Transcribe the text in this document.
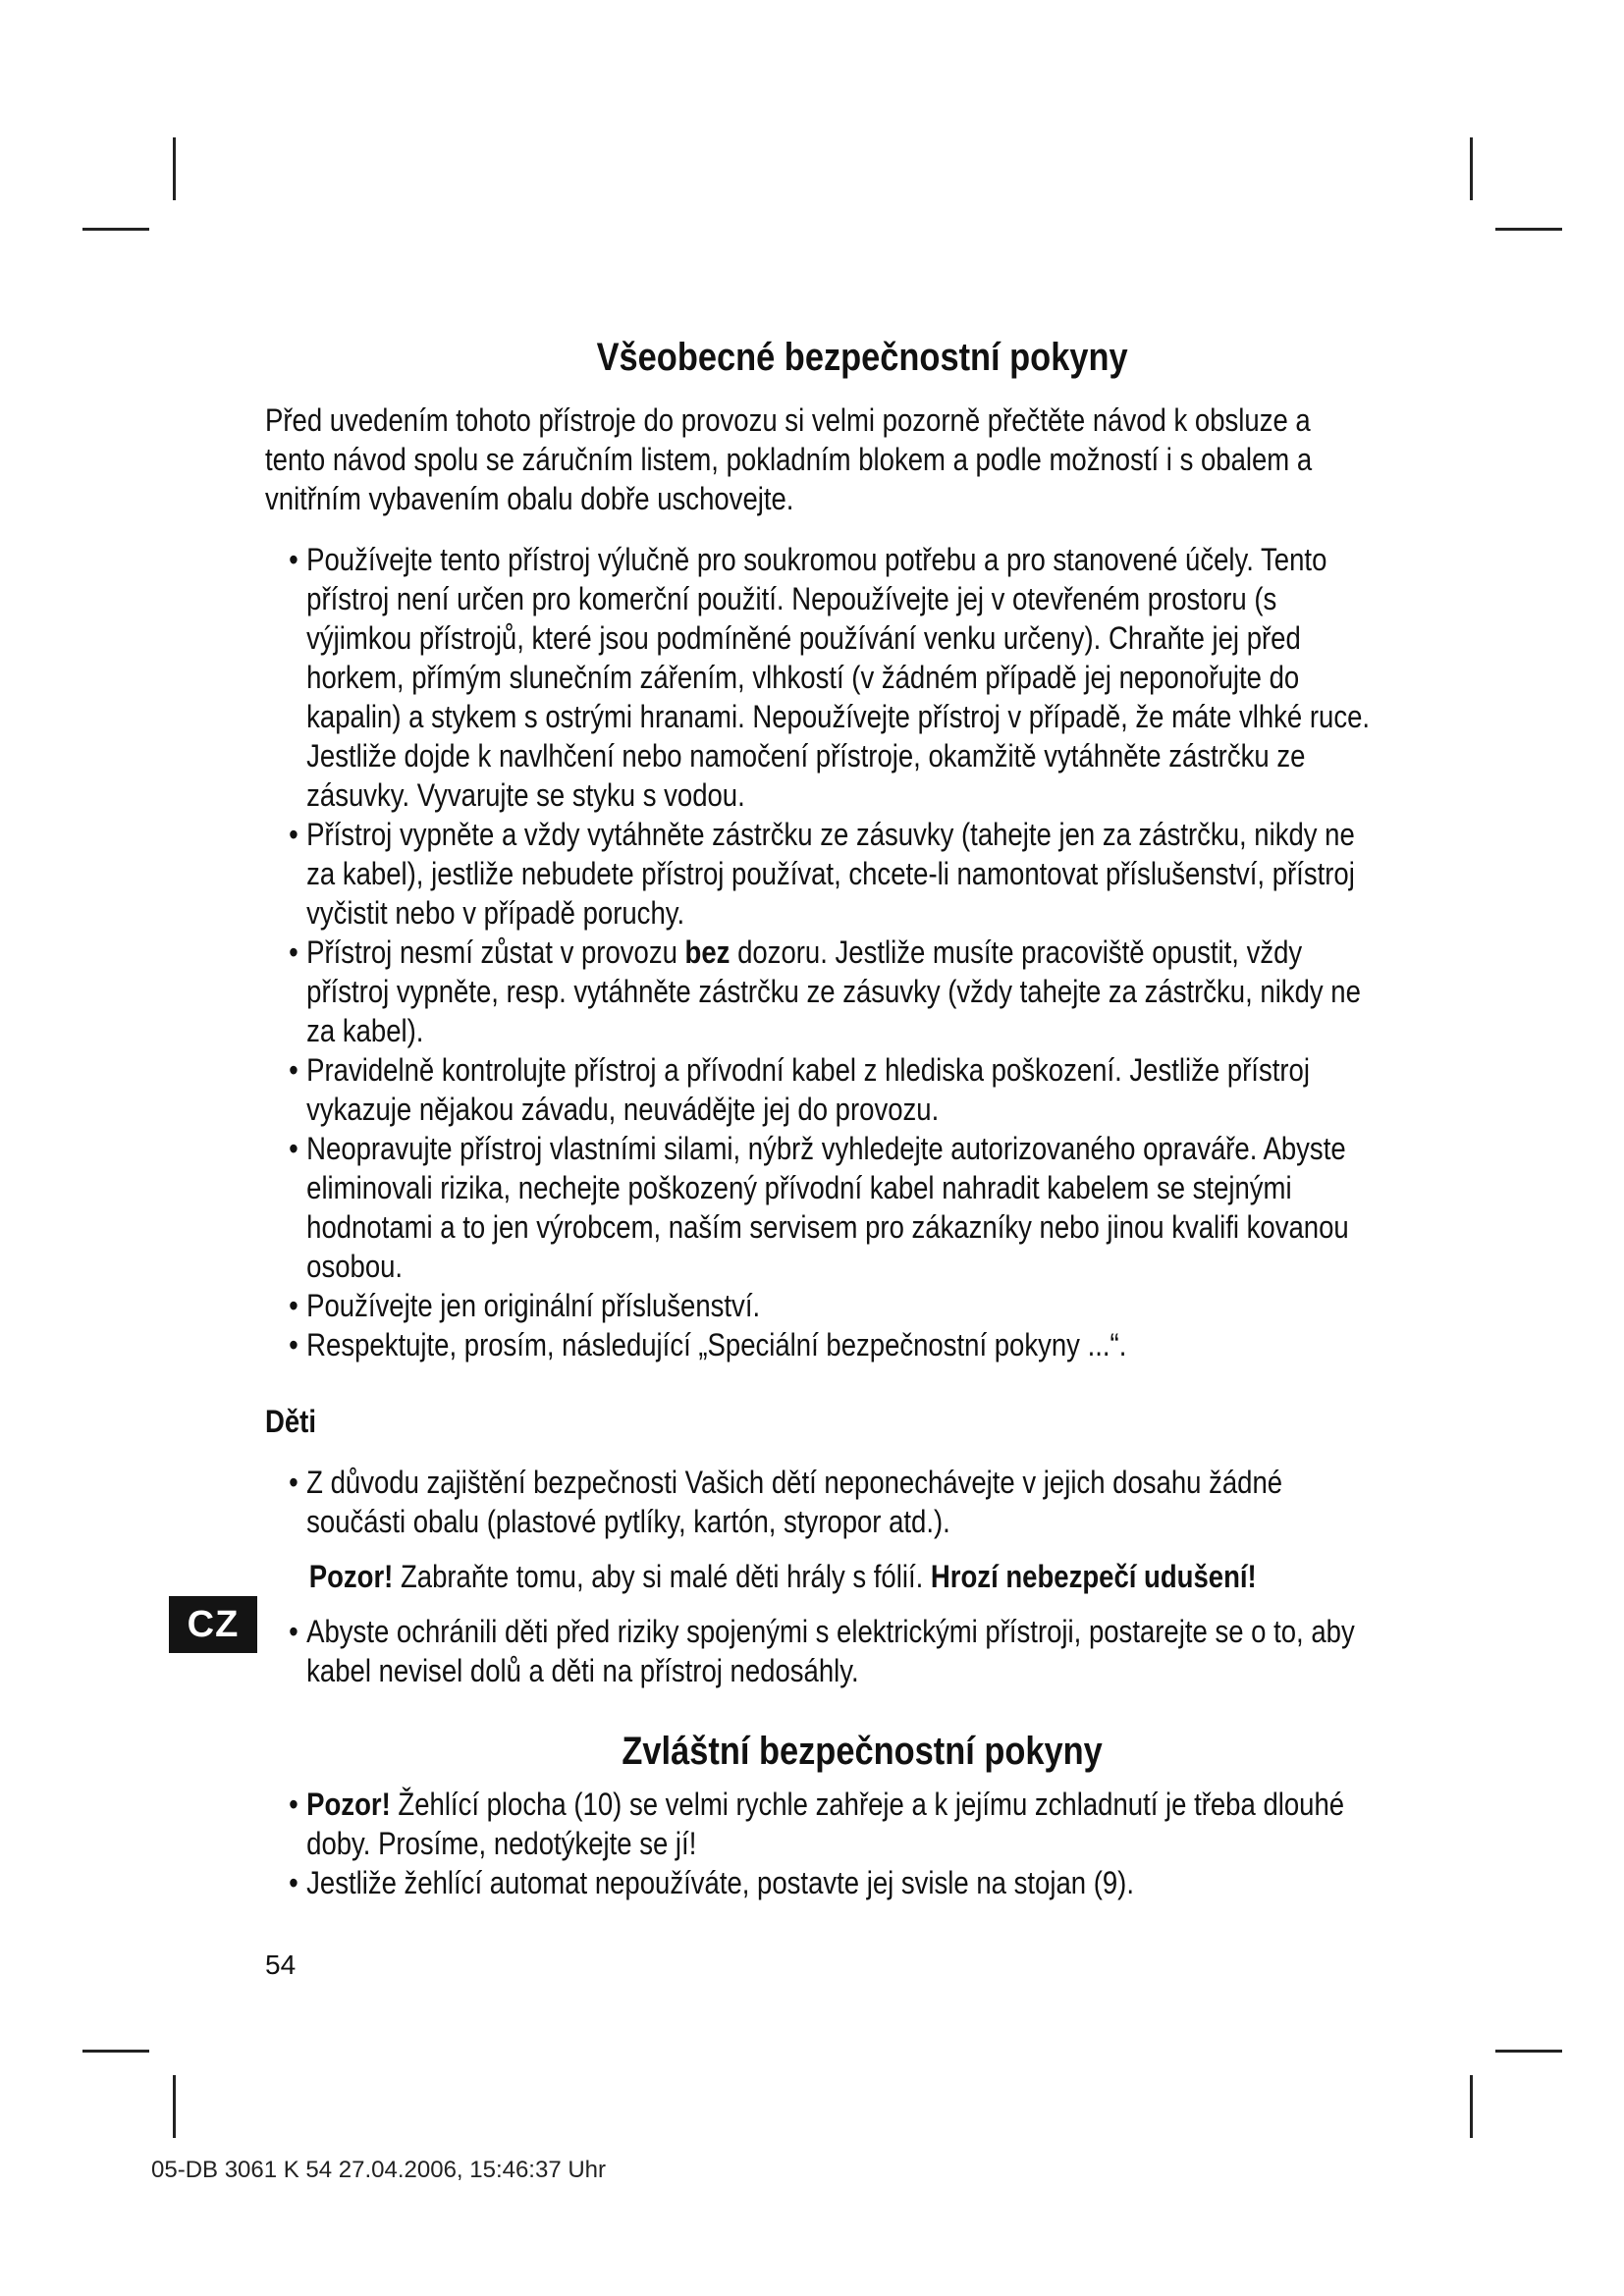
Všeobecné bezpečnostní pokyny

Před uvedením tohoto přístroje do provozu si velmi pozorně přečtěte návod k obsluze a tento návod spolu se záručním listem, pokladním blokem a podle možností i s obalem a vnitřním vybavením obalu dobře uschovejte.

• Používejte tento přístroj výlučně pro soukromou potřebu a pro stanovené účely. Tento přístroj není určen pro komerční použití. Nepoužívejte jej v otevřeném prostoru (s výjimkou přístrojů, které jsou podmíněné používání venku určeny). Chraňte jej před horkem, přímým slunečním zářením, vlhkostí (v žádném případě jej neponořujte do kapalin) a stykem s ostrými hranami. Nepoužívejte přístroj v případě, že máte vlhké ruce. Jestliže dojde k navlhčení nebo namočení přístroje, okamžitě vytáhněte zástrčku ze zásuvky. Vyvarujte se styku s vodou.
• Přístroj vypněte a vždy vytáhněte zástrčku ze zásuvky (tahejte jen za zástrčku, nikdy ne za kabel), jestliže nebudete přístroj používat, chcete-li namontovat příslušenství, přístroj vyčistit nebo v případě poruchy.
• Přístroj nesmí zůstat v provozu bez dozoru. Jestliže musíte pracoviště opustit, vždy přístroj vypněte, resp. vytáhněte zástrčku ze zásuvky (vždy tahejte za zástrčku, nikdy ne za kabel).
• Pravidelně kontrolujte přístroj a přívodní kabel z hlediska poškození. Jestliže přístroj vykazuje nějakou závadu, neuvádějte jej do provozu.
• Neopravujte přístroj vlastními silami, nýbrž vyhledejte autorizovaného opraváře. Abyste eliminovali rizika, nechejte poškozený přívodní kabel nahradit kabelem se stejnými hodnotami a to jen výrobcem, naším servisem pro zákazníky nebo jinou kvalifi kovanou osobou.
• Používejte jen originální příslušenství.
• Respektujte, prosím, následující „Speciální bezpečnostní pokyny ...“.
Děti
• Z důvodu zajištění bezpečnosti Vašich dětí neponechávejte v jejich dosahu žádné součásti obalu (plastové pytlíky, kartón, styropor atd.).

Pozor! Zabraňte tomu, aby si malé děti hrály s fólií. Hrozí nebezpečí udušení!

• Abyste ochránili děti před riziky spojenými s elektrickými přístroji, postarejte se o to, aby kabel nevisel dolů a děti na přístroj nedosáhly.
Zvláštní bezpečnostní pokyny
• Pozor! Žehlící plocha (10) se velmi rychle zahřeje a k jejímu zchladnutí je třeba dlouhé doby. Prosíme, nedotýkejte se jí!
• Jestliže žehlící automat nepoužíváte, postavte jej svisle na stojan (9).
CZ
54
05-DB 3061 K 54 27.04.2006, 15:46:37 Uhr
